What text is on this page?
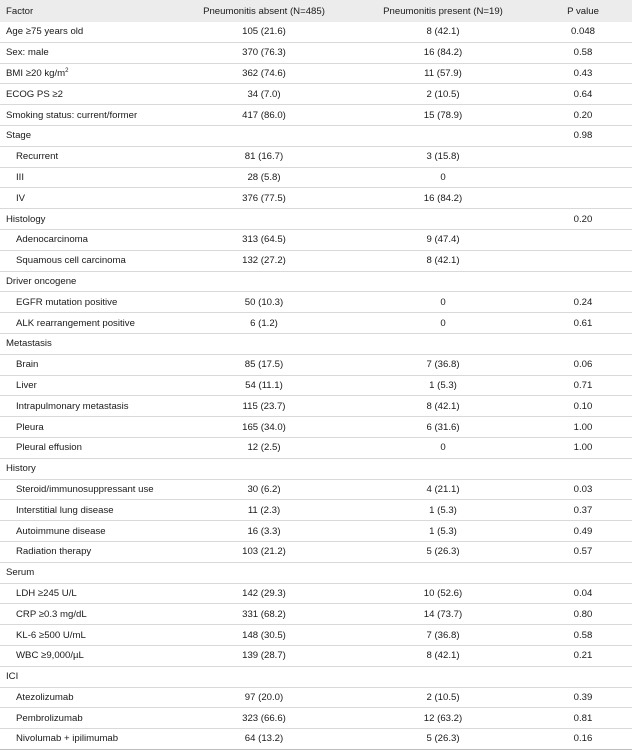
Factor	Pneumonitis absent (N=485)	Pneumonitis present (N=19)	P value
Age ≥75 years old	105 (21.6)	8 (42.1)	0.048
Sex: male	370 (76.3)	16 (84.2)	0.58
BMI ≥20 $kg/m^2$	362 (74.6)	11 (57.9)	0.43
ECOG PS ≥2	34 (7.0)	2 (10.5)	0.64
Smoking status: current/former	417 (86.0)	15 (78.9)	0.20
Stage			0.98
Recurrent	81 (16.7)	3 (15.8)	
III	28 (5.8)	0	
IV	376 (77.5)	16 (84.2)	
Histology			0.20
Adenocarcinoma	313 (64.5)	9 (47.4)	
Squamous cell carcinoma	132 (27.2)	8 (42.1)	
Driver oncogene			
EGFR mutation positive	50 (10.3)	0	0.24
ALK rearrangement positive	6 (1.2)	0	0.61
Metastasis			
Brain	85 (17.5)	7 (36.8)	0.06
Liver	54 (11.1)	1 (5.3)	0.71
Intrapulmonary metastasis	115 (23.7)	8 (42.1)	0.10
Pleura	165 (34.0)	6 (31.6)	1.00
Pleural effusion	12 (2.5)	0	1.00
History			
Steroid/immunosuppressant use	30 (6.2)	4 (21.1)	0.03
Interstitial lung disease	11 (2.3)	1 (5.3)	0.37
Autoimmune disease	16 (3.3)	1 (5.3)	0.49
Radiation therapy	103 (21.2)	5 (26.3)	0.57
Serum			
LDH ≥245 U/L	142 (29.3)	10 (52.6)	0.04
CRP ≥0.3 mg/dL	331 (68.2)	14 (73.7)	0.80
KL-6 ≥500 U/mL	148 (30.5)	7 (36.8)	0.58
WBC ≥9,000/µL	139 (28.7)	8 (42.1)	0.21
ICI			
Atezolizumab	97 (20.0)	2 (10.5)	0.39
Pembrolizumab	323 (66.6)	12 (63.2)	0.81
Nivolumab + ipilimumab	64 (13.2)	5 (26.3)	0.16
